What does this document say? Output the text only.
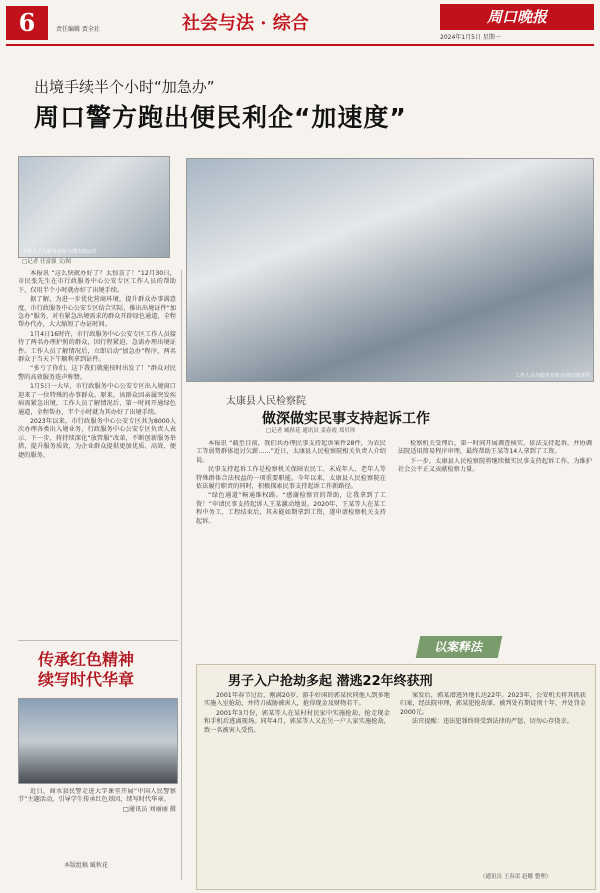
6	责任编辑 贾全社	社会与法 · 综合	周口晚报
2024年1月5日 星期一
出境手续半个小时“加急办”
周口警方跑出便民利企“加速度”
工作人员为服务对象办理出境证件
□记者 任富强 文/图
工作人员为服务对象办理出境证件

本报讯 “这么快就办好了？太惊喜了！”12月30日，市民张先生在市行政服务中心公安专区工作人员的帮助下，仅用半个小时就办好了出境手续。

据了解，为进一步优化营商环境，提升群众办事满意度，市行政服务中心公安专区结合实际，推出出境证件“加急办”服务，对有紧急出境需求的群众开辟绿色通道，全程帮办代办，大大缩短了办证时间。

1月4日16时许，市行政服务中心公安专区工作人员接待了两名办理护照的群众，因行程紧迫，急需办理出境证件。工作人员了解情况后，立即启动“加急办”程序，两名群众于当天下午顺利拿到证件。

“多亏了你们，这下我们就能按时出发了！”群众对民警的高效服务连声称赞。

1月5日一大早，市行政服务中心公安专区出入境窗口迎来了一位特殊的办事群众。原来，该群众因亲属突发疾病需紧急出境，工作人员了解情况后，第一时间开通绿色通道，全程帮办，半个小时就为其办好了出境手续。

2023年以来，市行政服务中心公安专区共为8000人次办理各类出入境业务，行政服务中心公安专区负责人表示，下一步，将持续深化“放管服”改革，不断创新服务举措，提升服务质效，为企业群众提供更加优质、高效、便捷的服务。

太康县人民检察院
做深做实民事支持起诉工作
□记者 臧秋花 通讯员 姜春霞 郑贝珍

本报讯 “截至目前，我们共办理民事支持起诉案件28件，为农民工等弱势群体追讨欠薪……”近日，太康县人民检察院相关负责人介绍说。

民事支持起诉工作是检察机关保障农民工、未成年人、老年人等特殊群体合法权益的一项重要职能。今年以来，太康县人民检察院在依法履行职责的同时，积极探索民事支持起诉工作新路径。

“绿色通道”畅通维权路。“感谢检察官的帮助，让我拿到了工资！”申请民事支持起诉人王某激动地说。2020年，王某等人在某工程中务工，工程结束后，其未能如期拿到工资，遂申请检察机关支持起诉。

检察机关受理后，第一时间开展调查核实，依法支持起诉，并协调法院适用简易程序审理，最终帮助王某等14人拿到了工资。

下一步，太康县人民检察院将继续做实民事支持起诉工作，为维护社会公平正义贡献检察力量。

传承红色精神
续写时代华章

近日，商水县民警走进大学课堂开展“中国人民警察节”主题活动，引导学生传承红色基因，续写时代华章。

□通讯员 刘丽丽 摄

本版组稿 臧秋花
以案释法
男子入户抢劫多起 潜逃22年终获刑

2001年春节过后，刚满20岁、游手好闲的郭某伙同他人到多地实施入室抢劫，并持刀威胁被害人，抢得现金及财物若干。

2001年3月份，郭某等人在某村村民家中实施抢劫，抢走现金和手机后逃离现场。同年4月，郭某等人又在另一户人家实施抢劫，致一名被害人受伤。

案发后，郭某潜逃外地长达22年。2023年，公安机关将其抓获归案，经法院审理，郭某犯抢劫罪，被判处有期徒刑十年，并处罚金2000元。

法官提醒：违法犯罪终将受到法律的严惩，切勿心存侥幸。

（通讯员 王春雷 赵娜 整理）
